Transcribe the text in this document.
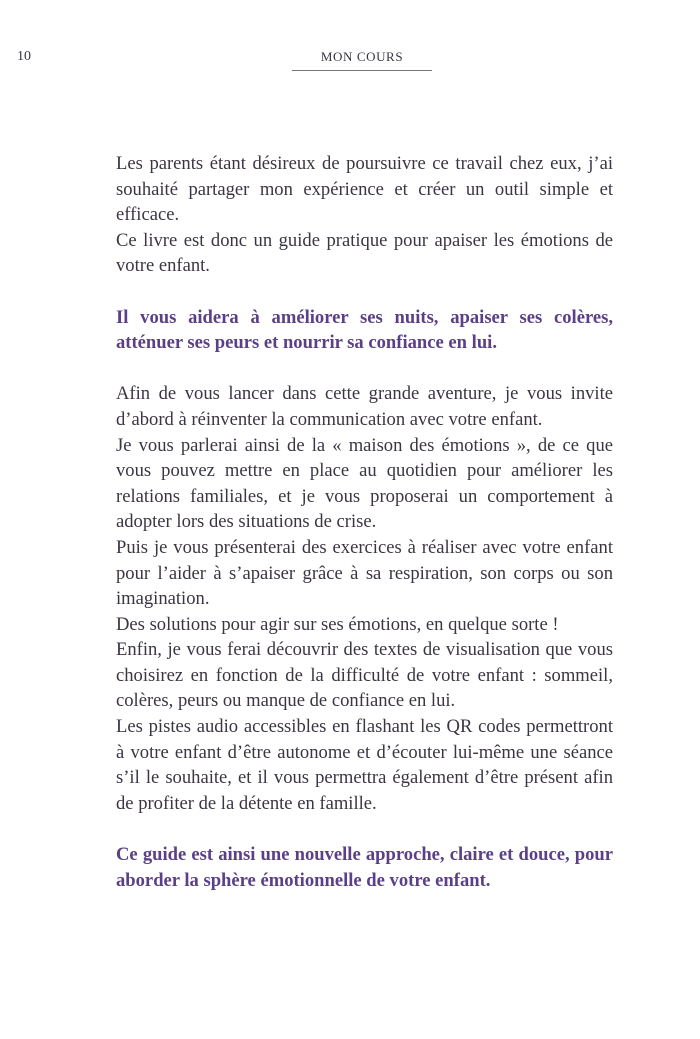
10	MON COURS

Les parents étant désireux de poursuivre ce travail chez eux, j’ai souhaité partager mon expérience et créer un outil simple et efficace.

Ce livre est donc un guide pratique pour apaiser les émotions de votre enfant.

Il vous aidera à améliorer ses nuits, apaiser ses colères, atténuer ses peurs et nourrir sa confiance en lui.

Afin de vous lancer dans cette grande aventure, je vous invite d’abord à réinventer la communication avec votre enfant.

Je vous parlerai ainsi de la « maison des émotions », de ce que vous pouvez mettre en place au quotidien pour améliorer les relations familiales, et je vous proposerai un comportement à adopter lors des situations de crise.

Puis je vous présenterai des exercices à réaliser avec votre enfant pour l’aider à s’apaiser grâce à sa respiration, son corps ou son imagination.

Des solutions pour agir sur ses émotions, en quelque sorte !

Enfin, je vous ferai découvrir des textes de visualisation que vous choisirez en fonction de la difficulté de votre enfant : sommeil, colères, peurs ou manque de confiance en lui.

Les pistes audio accessibles en flashant les QR codes permettront à votre enfant d’être autonome et d’écouter lui-même une séance s’il le souhaite, et il vous permettra également d’être présent afin de profiter de la détente en famille.

Ce guide est ainsi une nouvelle approche, claire et douce, pour aborder la sphère émotionnelle de votre enfant.
